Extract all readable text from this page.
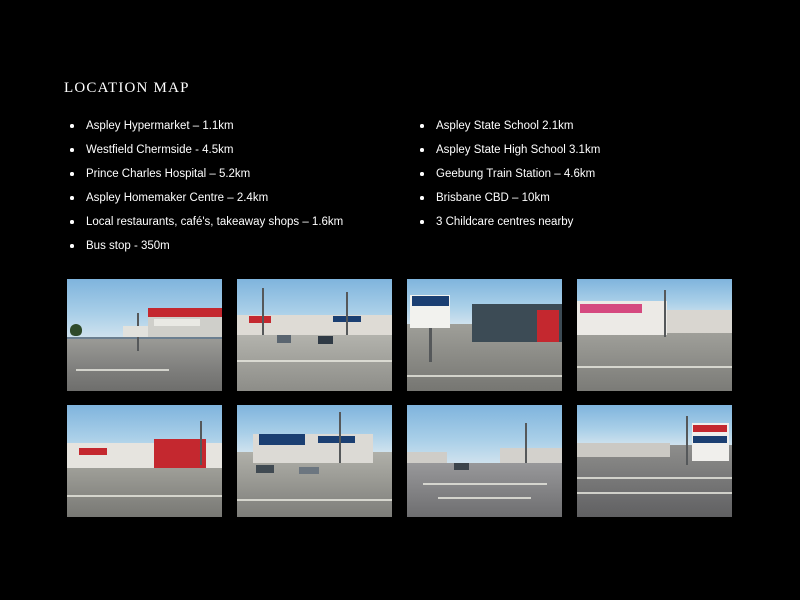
LOCATION MAP
Aspley Hypermarket – 1.1km
Westfield Chermside - 4.5km
Prince Charles Hospital – 5.2km
Aspley Homemaker Centre – 2.4km
Local restaurants, café's, takeaway shops – 1.6km
Bus stop - 350m
Aspley State School 2.1km
Aspley State High School 3.1km
Geebung Train Station – 4.6km
Brisbane CBD – 10km
3 Childcare centres nearby
